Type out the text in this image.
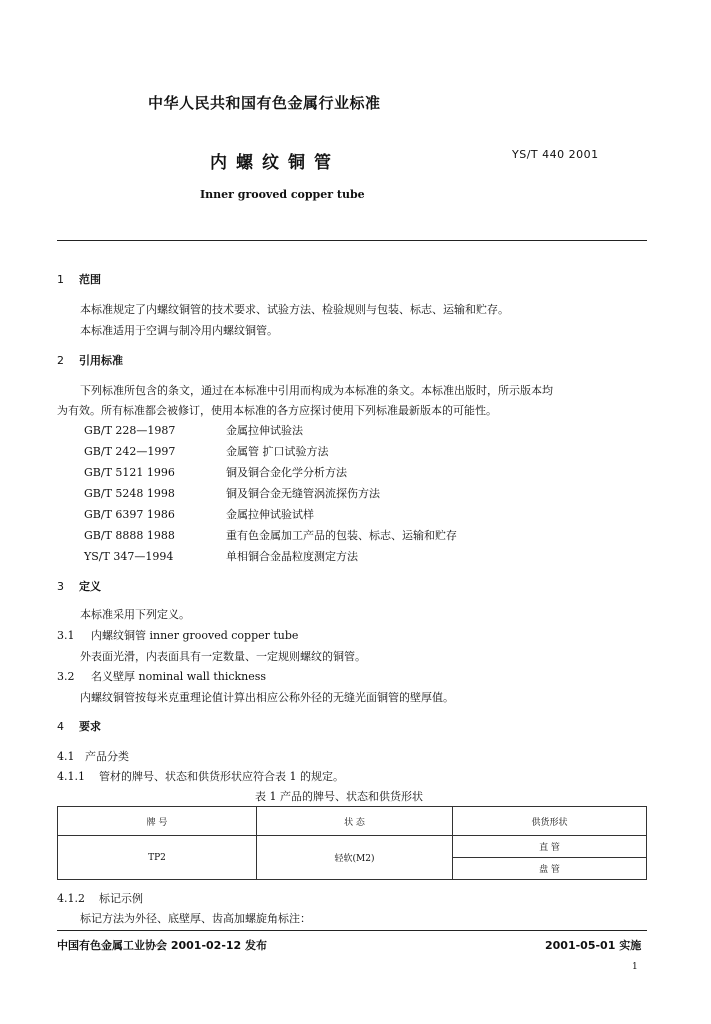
中华人民共和国有色金属行业标准
内螺纹铜管	YS/T 440 2001
Inner grooved copper tube
1 范围
本标准规定了内螺纹铜管的技术要求、试验方法、检验规则与包装、标志、运输和贮存。
本标准适用于空调与制冷用内螺纹铜管。
2 引用标准
下列标准所包含的条文，通过在本标准中引用而构成为本标准的条文。本标准出版时，所示版本均
为有效。所有标准都会被修订，使用本标准的各方应探讨使用下列标准最新版本的可能性。
GB/T 228—1987	金属拉伸试验法
GB/T 242—1997	金属管 扩口试验方法
GB/T 5121 1996	铜及铜合金化学分析方法
GB/T 5248 1998	铜及铜合金无缝管涡流探伤方法
GB/T 6397 1986	金属拉伸试验试样
GB/T 8888 1988	重有色金属加工产品的包装、标志、运输和贮存
YS/T 347—1994	单相铜合金晶粒度测定方法
3 定义
本标准采用下列定义。
3.1 内螺纹铜管 inner grooved copper tube
外表面光滑，内表面具有一定数量、一定规则螺纹的铜管。
3.2 名义壁厚 nominal wall thickness
内螺纹铜管按每米克重理论值计算出相应公称外径的无缝光面铜管的壁厚值。
4 要求
4.1 产品分类
4.1.1 管材的牌号、状态和供货形状应符合表 1 的规定。
表 1 产品的牌号、状态和供货形状
牌 号	状 态	供货形状
TP2	轻软(M2)	直 管
		盘 管
4.1.2 标记示例
标记方法为外径、底壁厚、齿高加螺旋角标注：
中国有色金属工业协会 2001-02-12 发布	2001-05-01 实施
1
